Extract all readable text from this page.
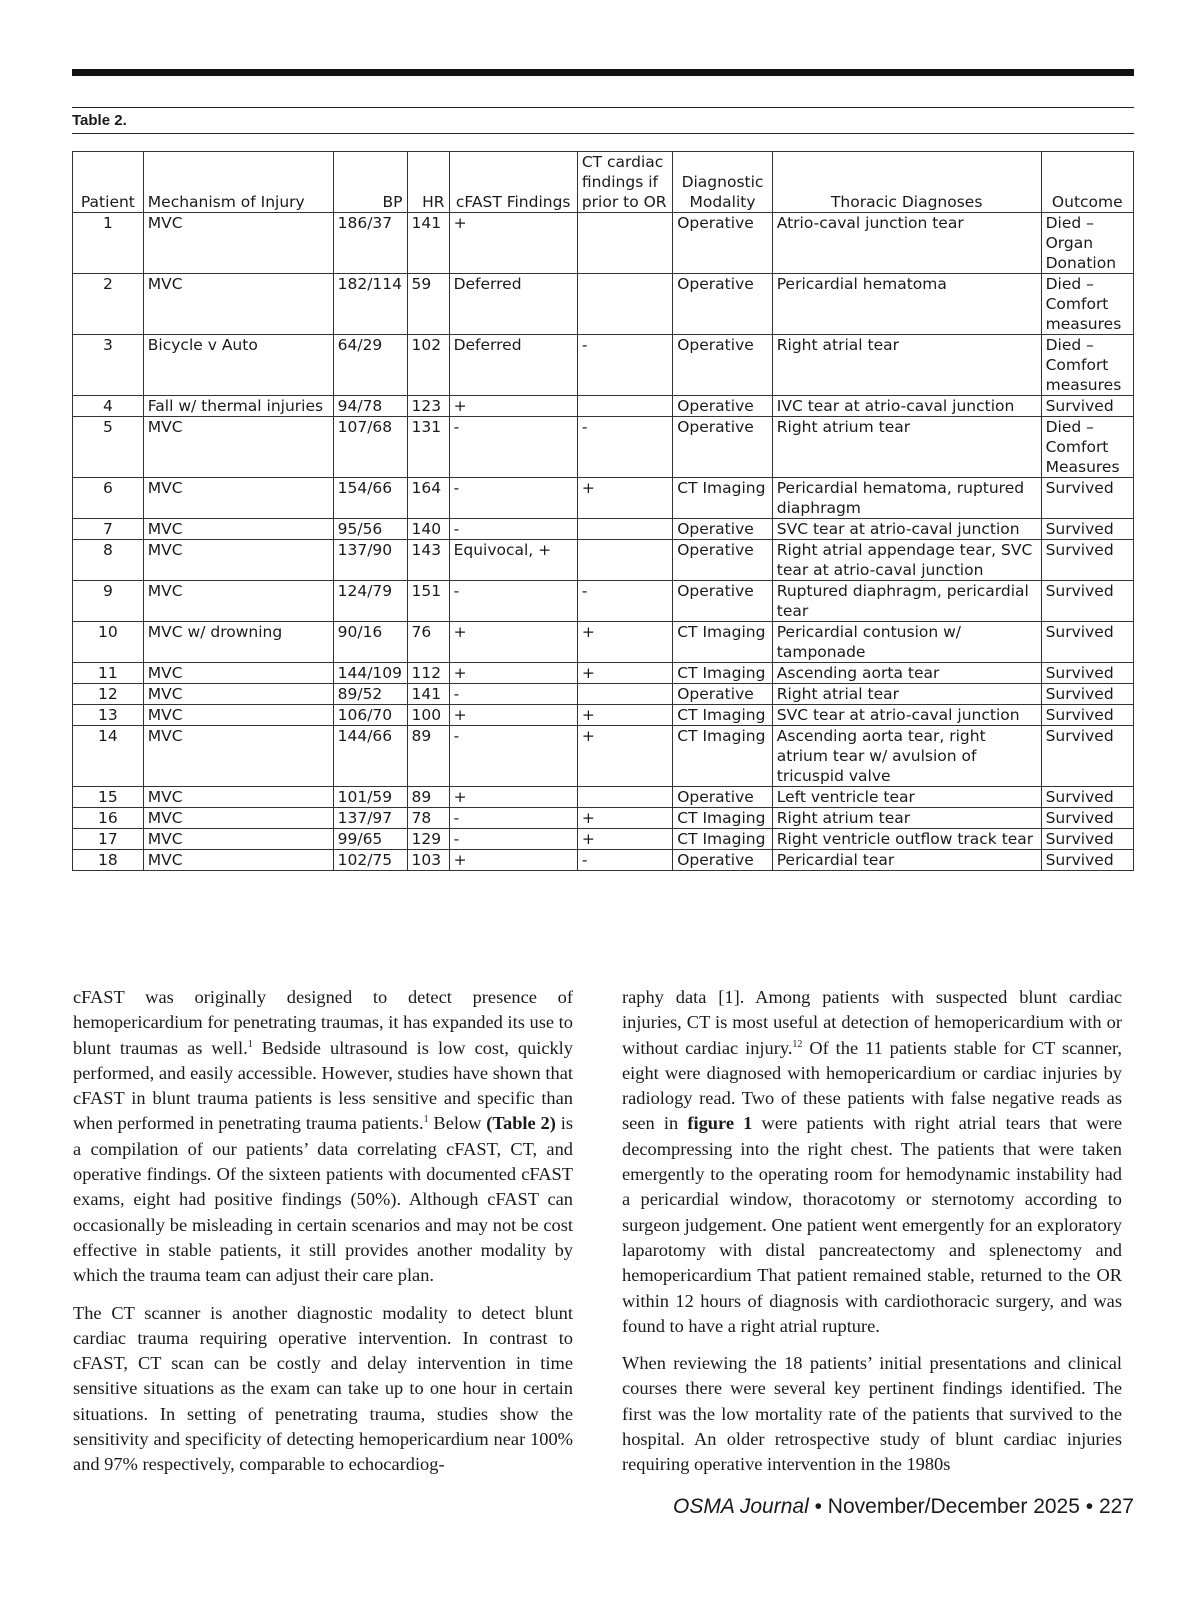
Table 2.
Patient	Mechanism of Injury	BP	HR	cFAST Findings	CT cardiac findings if prior to OR	Diagnostic Modality	Thoracic Diagnoses	Outcome
1	MVC	186/37	141	+		Operative	Atrio-caval junction tear	Died – Organ Donation
2	MVC	182/114	59	Deferred		Operative	Pericardial hematoma	Died – Comfort measures
3	Bicycle v Auto	64/29	102	Deferred	-	Operative	Right atrial tear	Died – Comfort measures
4	Fall w/ thermal injuries	94/78	123	+		Operative	IVC tear at atrio-caval junction	Survived
5	MVC	107/68	131	-	-	Operative	Right atrium tear	Died – Comfort Measures
6	MVC	154/66	164	-	+	CT Imaging	Pericardial hematoma, ruptured diaphragm	Survived
7	MVC	95/56	140	-		Operative	SVC tear at atrio-caval junction	Survived
8	MVC	137/90	143	Equivocal, +		Operative	Right atrial appendage tear, SVC tear at atrio-caval junction	Survived
9	MVC	124/79	151	-	-	Operative	Ruptured diaphragm, pericardial tear	Survived
10	MVC w/ drowning	90/16	76	+	+	CT Imaging	Pericardial contusion w/ tamponade	Survived
11	MVC	144/109	112	+	+	CT Imaging	Ascending aorta tear	Survived
12	MVC	89/52	141	-		Operative	Right atrial tear	Survived
13	MVC	106/70	100	+	+	CT Imaging	SVC tear at atrio-caval junction	Survived
14	MVC	144/66	89	-	+	CT Imaging	Ascending aorta tear, right atrium tear w/ avulsion of tricuspid valve	Survived
15	MVC	101/59	89	+		Operative	Left ventricle tear	Survived
16	MVC	137/97	78	-	+	CT Imaging	Right atrium tear	Survived
17	MVC	99/65	129	-	+	CT Imaging	Right ventricle outflow track tear	Survived
18	MVC	102/75	103	+	-	Operative	Pericardial tear	Survived

cFAST was originally designed to detect presence of hemopericardium for penetrating traumas, it has expanded its use to blunt traumas as well.$^1$ Bedside ultrasound is low cost, quickly performed, and easily accessible. However, studies have shown that cFAST in blunt trauma patients is less sensitive and specific than when performed in penetrating trauma patients.$^1$ Below (Table 2) is a compilation of our patients’ data correlating cFAST, CT, and operative findings. Of the sixteen patients with documented cFAST exams, eight had positive findings (50%). Although cFAST can occasionally be misleading in certain scenarios and may not be cost effective in stable patients, it still provides another modality by which the trauma team can adjust their care plan.

The CT scanner is another diagnostic modality to detect blunt cardiac trauma requiring operative intervention. In contrast to cFAST, CT scan can be costly and delay intervention in time sensitive situations as the exam can take up to one hour in certain situations. In setting of penetrating trauma, studies show the sensitivity and specificity of detecting hemopericardium near 100% and 97% respectively, comparable to echocardiog-

raphy data [1]. Among patients with suspected blunt cardiac injuries, CT is most useful at detection of hemopericardium with or without cardiac injury.$^{12}$ Of the 11 patients stable for CT scanner, eight were diagnosed with hemopericardium or cardiac injuries by radiology read. Two of these patients with false negative reads as seen in figure 1 were patients with right atrial tears that were decompressing into the right chest. The patients that were taken emergently to the operating room for hemodynamic instability had a pericardial window, thoracotomy or sternotomy according to surgeon judgement. One patient went emergently for an exploratory laparotomy with distal pancreatectomy and splenectomy and hemopericardium That patient remained stable, returned to the OR within 12 hours of diagnosis with cardiothoracic surgery, and was found to have a right atrial rupture.

When reviewing the 18 patients’ initial presentations and clinical courses there were several key pertinent findings identified. The first was the low mortality rate of the patients that survived to the hospital. An older retrospective study of blunt cardiac injuries requiring operative intervention in the 1980s

OSMA Journal • November/December 2025 • 227
